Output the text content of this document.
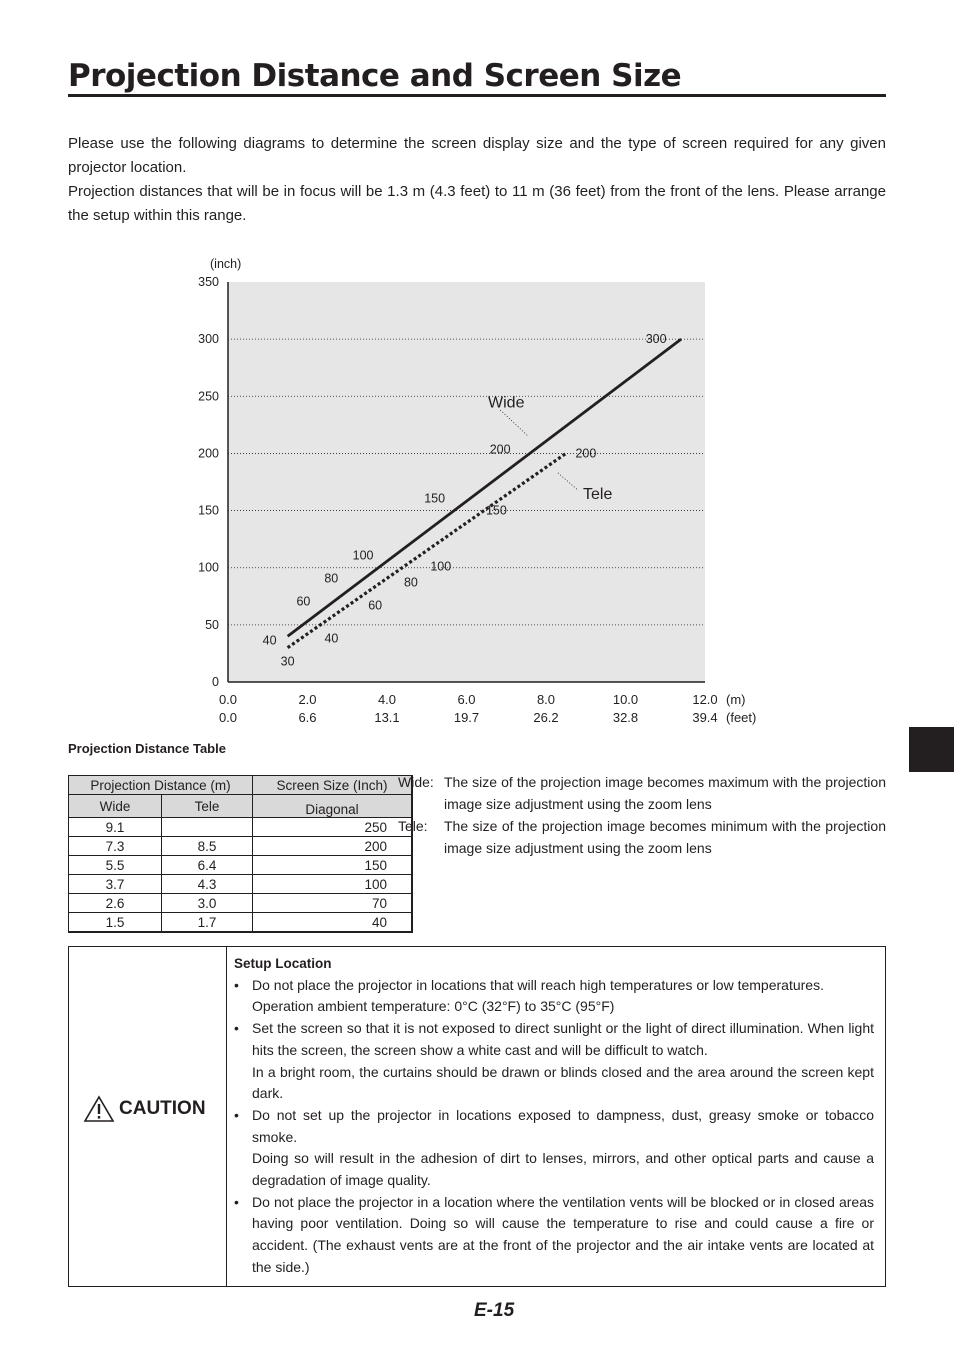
Projection Distance and Screen Size

Please use the following diagrams to determine the screen display size and the type of screen required for any given projector location.

Projection distances that will be in focus will be 1.3 m (4.3 feet) to 11 m (36 feet) from the front of the lens. Please arrange the setup within this range.

0
50
100
150
200
250
300
350
(inch)
0.0
0.0
2.0
6.6
4.0
13.1
6.0
19.7
8.0
26.2
10.0
32.8
12.0
39.4
(m)
(feet)
40
60
80
100
150
200
300
30
40
60
80
100
150
200
Wide
Tele
Projection Distance Table
Projection Distance (m)		Screen Size (Inch)
Wide	Tele	Diagonal
9.1		250
7.3	8.5	200
5.5	6.4	150
3.7	4.3	100
2.6	3.0	70
1.5	1.7	40
Wide: The size of the projection image becomes maximum with the projection image size adjustment using the zoom lens
Tele:	The size of the projection image becomes minimum with the projection image size adjustment using the zoom lens
CAUTION
Setup Location
• Do not place the projector in locations that will reach high temperatures or low temperatures.

Operation ambient temperature: 0°C (32°F) to 35°C (95°F)

• Set the screen so that it is not exposed to direct sunlight or the light of direct illumination. When light hits the screen, the screen show a white cast and will be difficult to watch.

In a bright room, the curtains should be drawn or blinds closed and the area around the screen kept dark.

• Do not set up the projector in locations exposed to dampness, dust, greasy smoke or tobacco smoke.

Doing so will result in the adhesion of dirt to lenses, mirrors, and other optical parts and cause a degradation of image quality.

• Do not place the projector in a location where the ventilation vents will be blocked or in closed areas having poor ventilation. Doing so will cause the temperature to rise and could cause a fire or accident. (The exhaust vents are at the front of the projector and the air intake vents are located at the side.)

E-15
